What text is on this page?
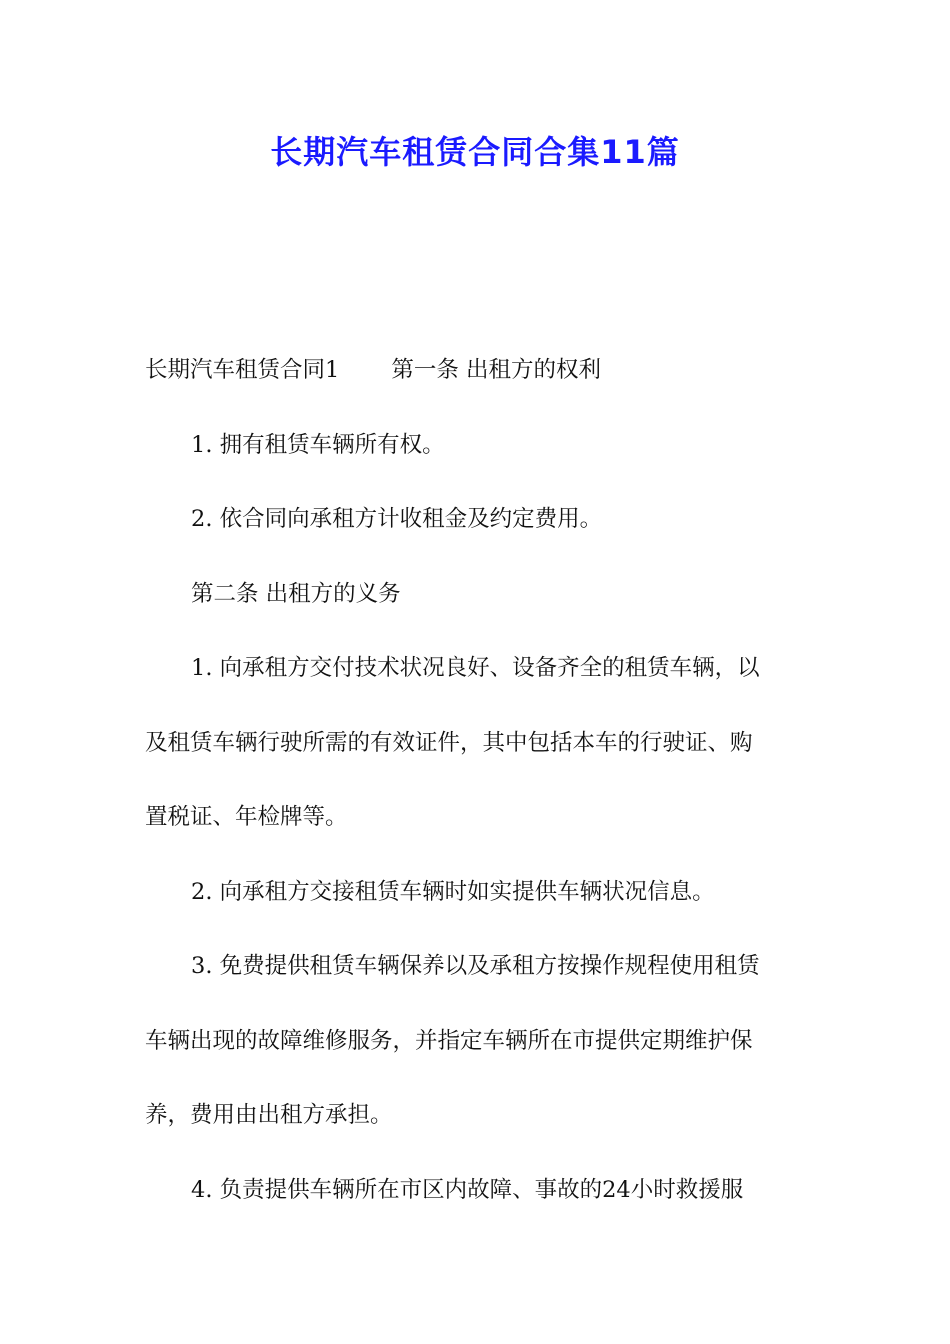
长期汽车租赁合同合集11篇
长期汽车租赁合同1 第一条 出租方的权利
1. 拥有租赁车辆所有权。
2. 依合同向承租方计收租金及约定费用。
第二条 出租方的义务
1. 向承租方交付技术状况良好、设备齐全的租赁车辆，以
及租赁车辆行驶所需的有效证件，其中包括本车的行驶证、购
置税证、年检牌等。
2. 向承租方交接租赁车辆时如实提供车辆状况信息。
3. 免费提供租赁车辆保养以及承租方按操作规程使用租赁
车辆出现的故障维修服务，并指定车辆所在市提供定期维护保
养，费用由出租方承担。
4. 负责提供车辆所在市区内故障、事故的24小时救援服
